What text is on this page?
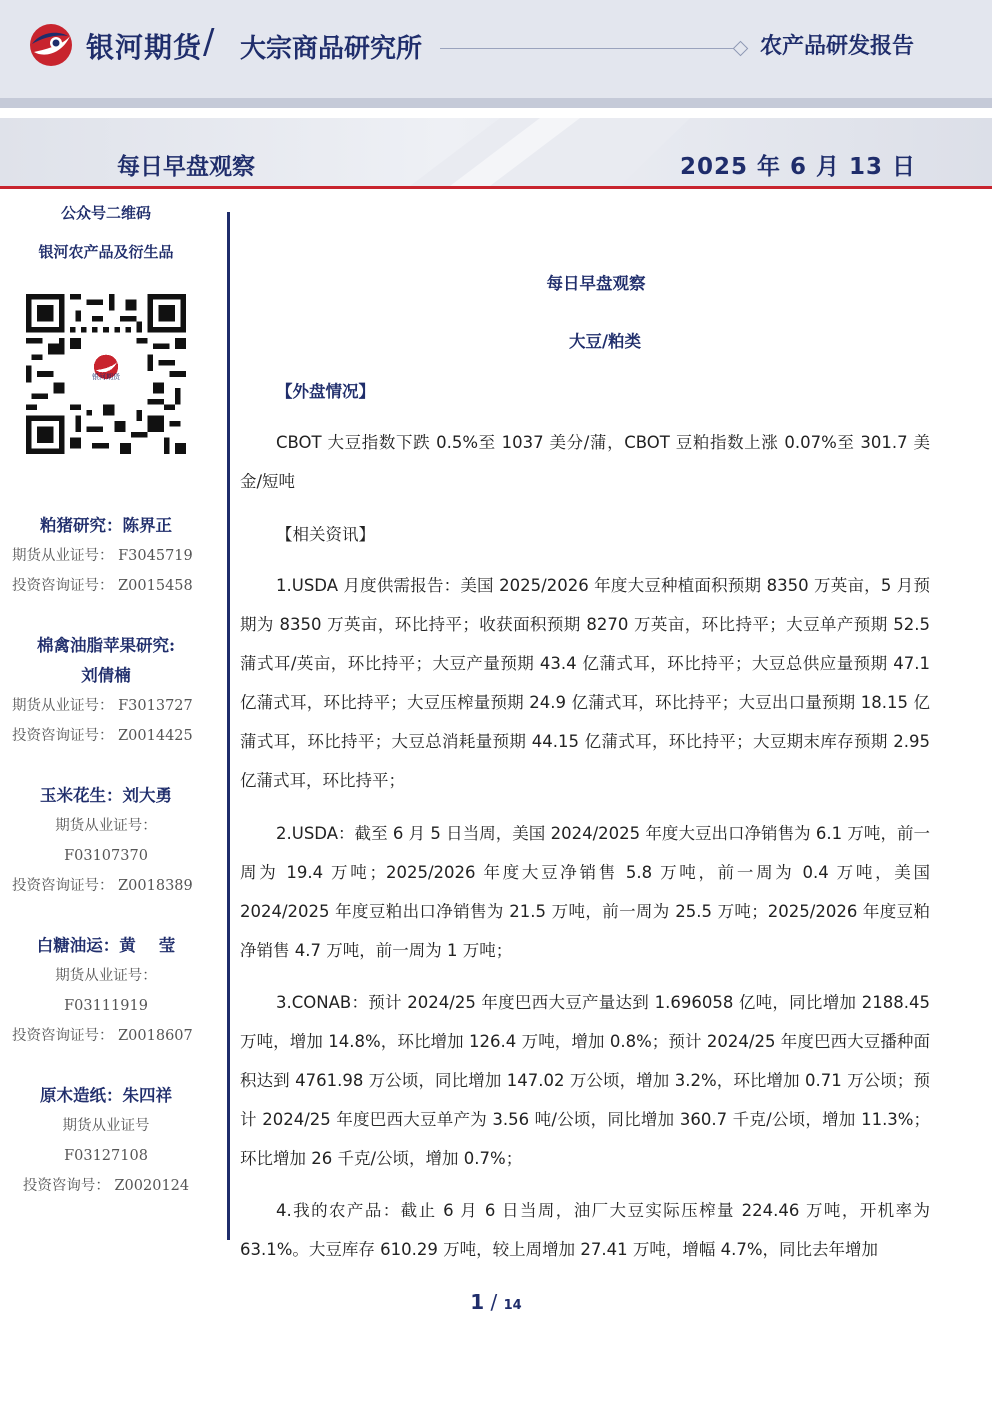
银河期货 / 大宗商品研究所	农产品研发报告
每日早盘观察	2025 年 6 月 13 日
公众号二维码
银河农产品及衍生品
银河期货
粕猪研究：陈界正
期货从业证号： F3045719
投资咨询证号： Z0015458
棉禽油脂苹果研究:
刘倩楠
期货从业证号： F3013727
投资咨询证号： Z0014425
玉米花生：刘大勇
期货从业证号：
F03107370
投资咨询证号： Z0018389
白糖油运：黄    莹
期货从业证号：
F03111919
投资咨询证号： Z0018607
原木造纸：朱四祥
期货从业证号
F03127108
投资咨询号： Z0020124
每日早盘观察
大豆/粕类

【外盘情况】

CBOT 大豆指数下跌 0.5%至 1037 美分/蒲，CBOT 豆粕指数上涨 0.07%至 301.7 美金/短吨

【相关资讯】

1.USDA 月度供需报告：美国 2025/2026 年度大豆种植面积预期 8350 万英亩，5 月预期为 8350 万英亩，环比持平；收获面积预期 8270 万英亩，环比持平；大豆单产预期 52.5 蒲式耳/英亩，环比持平；大豆产量预期 43.4 亿蒲式耳，环比持平；大豆总供应量预期 47.1 亿蒲式耳，环比持平；大豆压榨量预期 24.9 亿蒲式耳，环比持平；大豆出口量预期 18.15 亿蒲式耳，环比持平；大豆总消耗量预期 44.15 亿蒲式耳，环比持平；大豆期末库存预期 2.95 亿蒲式耳，环比持平；

2.USDA：截至 6 月 5 日当周，美国 2024/2025 年度大豆出口净销售为 6.1 万吨，前一周为 19.4 万吨；2025/2026 年度大豆净销售 5.8 万吨，前一周为 0.4 万吨，美国 2024/2025 年度豆粕出口净销售为 21.5 万吨，前一周为 25.5 万吨；2025/2026 年度豆粕净销售 4.7 万吨，前一周为 1 万吨；

3.CONAB：预计 2024/25 年度巴西大豆产量达到 1.696058 亿吨，同比增加 2188.45 万吨，增加 14.8%，环比增加 126.4 万吨，增加 0.8%；预计 2024/25 年度巴西大豆播种面积达到 4761.98 万公顷，同比增加 147.02 万公顷，增加 3.2%，环比增加 0.71 万公顷；预计 2024/25 年度巴西大豆单产为 3.56 吨/公顷，同比增加 360.7 千克/公顷，增加 11.3%；环比增加 26 千克/公顷，增加 0.7%；

4.我的农产品：截止 6 月 6 日当周，油厂大豆实际压榨量 224.46 万吨，开机率为 63.1%。大豆库存 610.29 万吨，较上周增加 27.41 万吨，增幅 4.7%，同比去年增加

1 / 14
